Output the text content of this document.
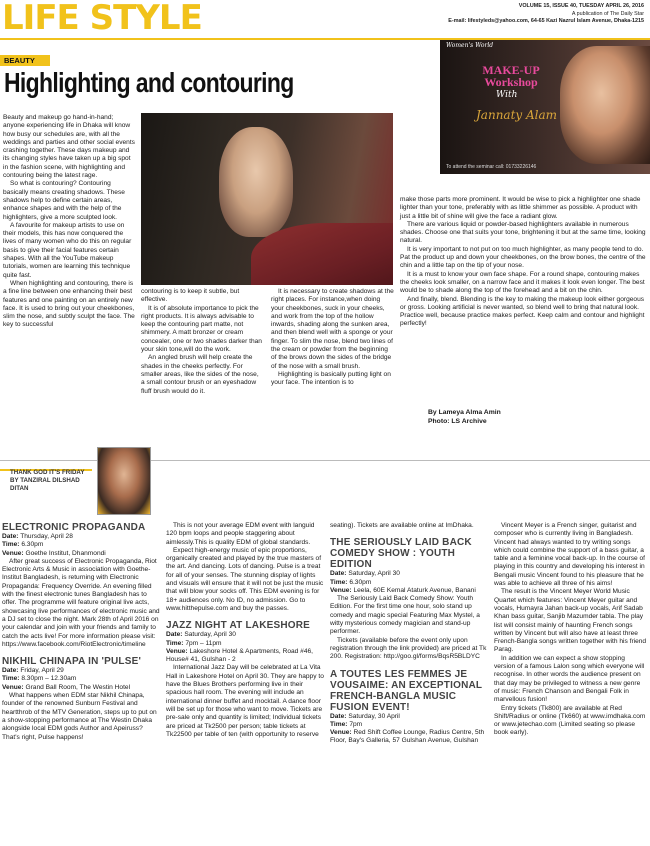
LIFE STYLE	VOLUME 15, ISSUE 40, TUESDAY APRIL 26, 2016
A publication of The Daily Star
E-mail: lifestyleds@yahoo.com, 64-65 Kazi Nazrul Islam Avenue, Dhaka-1215
BEAUTY
Highlighting and contouring
Women's World
MAKE-UP Workshop
With
Jannaty Alam
To attend the seminar call: 01733226146

Beauty and makeup go hand-in-hand; anyone experiencing life in Dhaka will know how busy our schedules are, with all the weddings and parties and other social events crashing together. These days makeup and its changing styles have taken up a big spot in the fashion scene, with highlighting and contouring being the latest rage.

So what is contouring? Contouring basically means creating shadows. These shadows help to define certain areas, enhance shapes and with the help of the highlighters, give a more sculpted look.

A favourite for makeup artists to use on their models, this has now conquered the lives of many women who do this on regular basis to give their facial features certain shapes. With all the YouTube makeup tutorials, women are learning this technique quite fast.

When highlighting and contouring, there is a fine line between one enhancing their best features and one painting on an entirely new face. It is used to bring out your cheekbones, slim the nose, and subtly sculpt the face. The key to successful

contouring is to keep it subtle, but effective.

It is of absolute importance to pick the right products. It is always advisable to keep the contouring part matte, not shimmery. A matt bronzer or cream concealer, one or two shades darker than your skin tone,will do the work.

An angled brush will help create the shades in the cheeks perfectly. For smaller areas, like the sides of the nose, a small contour brush or an eyeshadow fluff brush would do it.

It is necessary to create shadows at the right places. For instance,when doing your cheekbones, suck in your cheeks, and work from the top of the hollow inwards, shading along the sunken area, and then blend well with a sponge or your finger. To slim the nose, blend two lines of the cream or powder from the beginning of the brows down the sides of the bridge of the nose with a small brush.

Highlighting is basically putting light on your face. The intention is to

make those parts more prominent. It would be wise to pick a highlighter one shade lighter than your tone, preferably with as little shimmer as possible. A product with just a little bit of shine will give the face a radiant glow.

There are various liquid or powder-based highlighters available in numerous shades. Choose one that suits your tone, brightening it but at the same time, looking natural.

It is very important to not put on too much highlighter, as many people tend to do. Pat the product up and down your cheekbones, on the brow bones, the centre of the chin and a little tap on the tip of your nose.

It is a must to know your own face shape. For a round shape, contouring makes the cheeks look smaller, on a narrow face and it makes it look even longer. The best would be to shade along the top of the forehead and a bit on the chin.

And finally, blend. Blending is the key to making the makeup look either gorgeous or gross. Looking artificial is never wanted, so blend well to bring that natural look. Practice well, because practice makes perfect. Keep calm and contour and highlight perfectly!

By Lameya Alma Amin
Photo: LS Archive
THANK GOD IT'S FRIDAY
BY TANZIRAL DILSHAD DITAN
ELECTRONIC PROPAGANDA
Date: Thursday, April 28
Time: 6.30pm
Venue: Goethe Institut, Dhanmondi

After great success of Electronic Propaganda, Riot Electronic Arts & Music in association with Goethe-Institut Bangladesh, is returning with Electronic Propaganda: Frequency Override. An evening filled with the finest electronic tunes Bangladesh has to offer. The programme will feature original live acts, showcasing live performances of electronic music and a DJ set to close the night. Mark 28th of April 2016 on your calendar and join with your friends and family to catch the acts live! For more information please visit: https://www.facebook.com/RiotElectronic/timeline

NIKHIL CHINAPA IN 'PULSE'
Date: Friday, April 29
Time: 8.30pm – 12.30am
Venue: Grand Ball Room, The Westin Hotel

What happens when EDM star Nikhil Chinapa, founder of the renowned Sunburn Festival and heartthrob of the MTV Generation, steps up to put on a show-stopping performance at The Westin Dhaka alongside local EDM gods Author and Apeiruss? That's right, Pulse happens!

This is not your average EDM event with languid 120 bpm loops and people staggering about aimlessly.This is quality EDM of global standards.

Expect high-energy music of epic proportions, organically created and played by the true masters of the art. And dancing. Lots of dancing. Pulse is a treat for all of your senses. The stunning display of lights and visuals will ensure that it will not be just the music that will blow your socks off. This EDM evening is for 18+ audiences only. No ID, no admission. Go to www.hitthepulse.com and buy the passes.

JAZZ NIGHT AT LAKESHORE
Date: Saturday, April 30
Time: 7pm – 11pm
Venue: Lakeshore Hotel & Apartments, Road #46, House# 41, Gulshan - 2

International Jazz Day will be celebrated at La Vita Hall in Lakeshore Hotel on April 30. They are happy to have the Blues Brothers performing live in their spacious hall room. The evening will include an international dinner buffet and mocktail. A dance floor will be set up for those who want to move. Tickets are pre-sale only and quantity is limited; Individual tickets are priced at Tk2500 per person; table tickets at Tk22500 per table of ten (with opportunity to reserve

seating). Tickets are available online at ImDhaka.

THE SERIOUSLY LAID BACK COMEDY SHOW : YOUTH EDITION
Date: Saturday, April 30
Time: 6.30pm
Venue: Leela, 60E Kemal Ataturk Avenue, Banani

The Seriously Laid Back Comedy Show: Youth Edition. For the first time one hour, solo stand up comedy and magic special Featuring Max Mystel, a witty mysterious comedy magician and stand-up performer.

Tickets (available before the event only upon registration through the link provided) are priced at Tk 200. Registration: http://goo.gl/forms/BqsR5BLDYC

A TOUTES LES FEMMES JE VOUSAIME: AN EXCEPTIONAL FRENCH-BANGLA MUSIC FUSION EVENT!
Date: Saturday, 30 April
Time: 7pm
Venue: Red Shift Coffee Lounge, Radius Centre, 5th Floor, Bay's Galleria, 57 Gulshan Avenue, Gulshan

Vincent Meyer is a French singer, guitarist and composer who is currently living in Bangladesh. Vincent had always wanted to try writing songs which could combine the support of a bass guitar, a table and a feminine vocal back-up. In the course of playing in this country and developing his interest in Bengali music Vincent found to his pleasure that he was able to achieve all three of his aims!

The result is the Vincent Meyer World Music Quartet which features: Vincent Meyer guitar and vocals, Humayra Jahan back-up vocals, Arif Sadab Khan bass guitar, Sanjib Mazumder tabla. The play list will consist mainly of haunting French songs written by Vincent but will also have at least three French-Bangla songs written together with his friend Parag.

In addition we can expect a show stopping version of a famous Lalon song which everyone will recognise. In other words the audience present on that day may be privileged to witness a new genre of music: French Chanson and Bengali Folk in marvellous fusion!

Entry tickets (Tk800) are available at Red Shift/Radius or online (Tk660) at www.imdhaka.com or www.jetechao.com (Limited seating so please book early).
